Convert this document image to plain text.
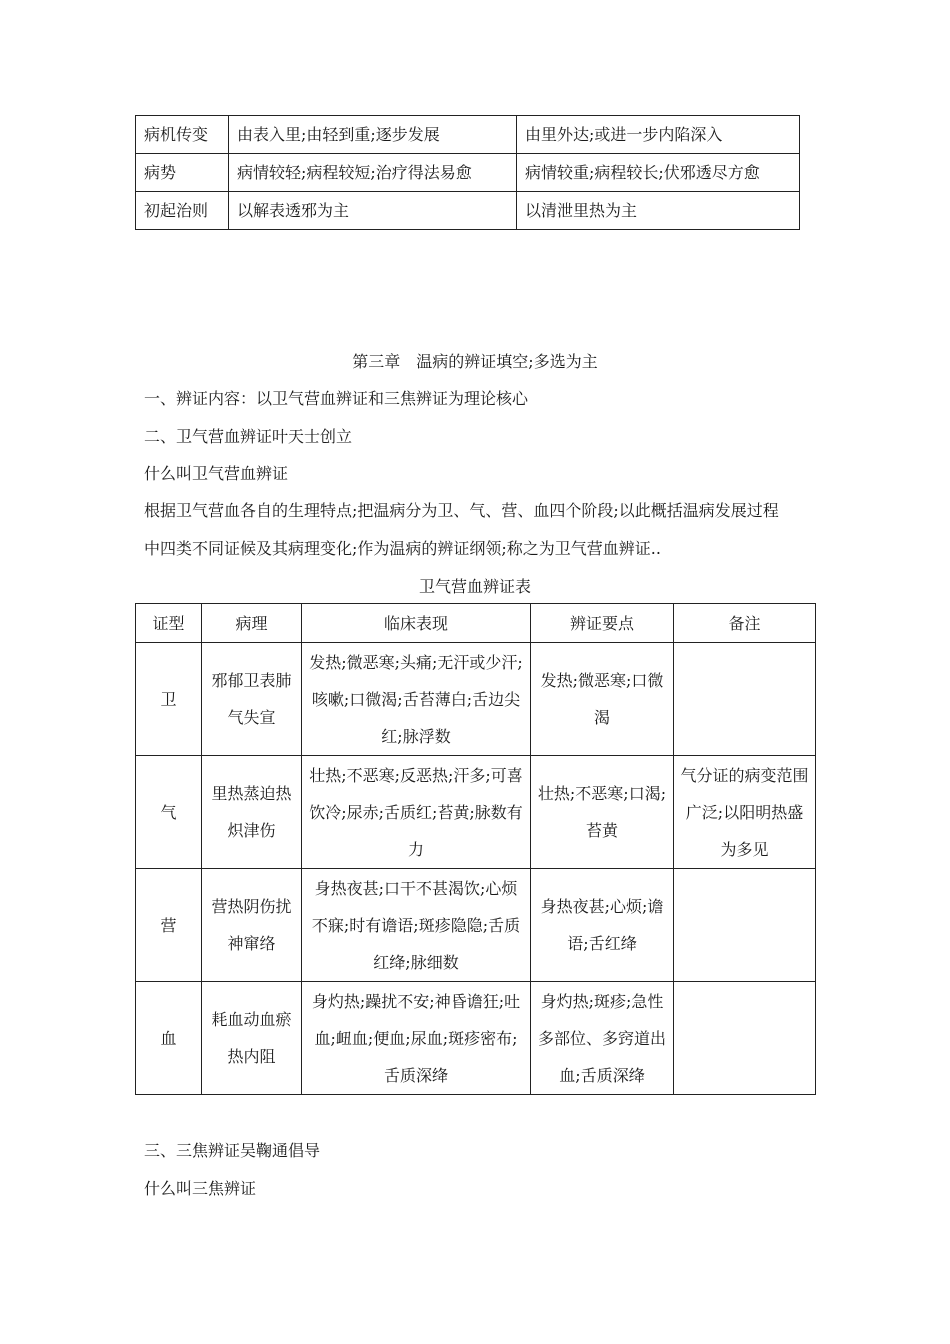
病机传变	由表入里;由轻到重;逐步发展	由里外达;或进一步内陷深入
病势	病情较轻;病程较短;治疗得法易愈	病情较重;病程较长;伏邪透尽方愈
初起治则	以解表透邪为主	以清泄里热为主
第三章　温病的辨证填空;多选为主
一、辨证内容：以卫气营血辨证和三焦辨证为理论核心
二、卫气营血辨证叶天士创立
什么叫卫气营血辨证
根据卫气营血各自的生理特点;把温病分为卫、气、营、血四个阶段;以此概括温病发展过程
中四类不同证候及其病理变化;作为温病的辨证纲领;称之为卫气营血辨证..
卫气营血辨证表
证型	病理	临床表现	辨证要点	备注
卫	邪郁卫表肺气失宣	发热;微恶寒;头痛;无汗或少汗;咳嗽;口微渴;舌苔薄白;舌边尖红;脉浮数	发热;微恶寒;口微渴	
气	里热蒸迫热炽津伤	壮热;不恶寒;反恶热;汗多;可喜饮冷;尿赤;舌质红;苔黄;脉数有力	壮热;不恶寒;口渴;苔黄	气分证的病变范围广泛;以阳明热盛为多见
营	营热阴伤扰神窜络	身热夜甚;口干不甚渴饮;心烦不寐;时有谵语;斑疹隐隐;舌质红绛;脉细数	身热夜甚;心烦;谵语;舌红绛	
血	耗血动血瘀热内阻	身灼热;躁扰不安;神昏谵狂;吐血;衄血;便血;尿血;斑疹密布;舌质深绛	身灼热;斑疹;急性多部位、多窍道出血;舌质深绛	
三、三焦辨证吴鞠通倡导
什么叫三焦辨证
